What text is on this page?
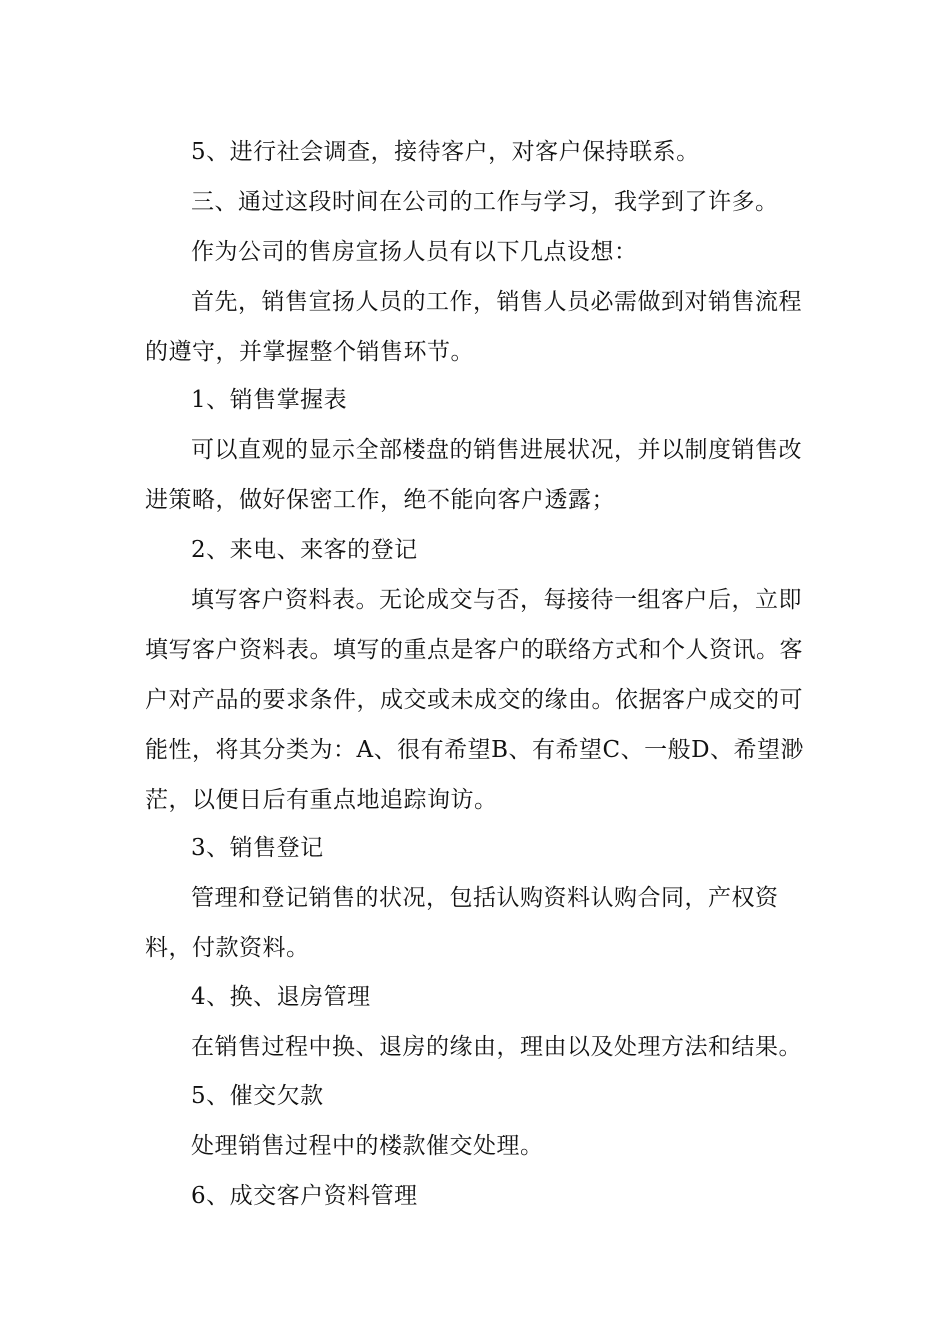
5、进行社会调查，接待客户，对客户保持联系。

三、通过这段时间在公司的工作与学习，我学到了许多。

作为公司的售房宣扬人员有以下几点设想：

首先，销售宣扬人员的工作，销售人员必需做到对销售流程的遵守，并掌握整个销售环节。

1、销售掌握表

可以直观的显示全部楼盘的销售进展状况，并以制度销售改进策略，做好保密工作，绝不能向客户透露；

2、来电、来客的登记

填写客户资料表。无论成交与否，每接待一组客户后，立即填写客户资料表。填写的重点是客户的联络方式和个人资讯。客户对产品的要求条件，成交或未成交的缘由。依据客户成交的可能性，将其分类为：A、很有希望B、有希望C、一般D、希望渺茫，以便日后有重点地追踪询访。

3、销售登记

管理和登记销售的状况，包括认购资料认购合同，产权资料，付款资料。

4、换、退房管理

在销售过程中换、退房的缘由，理由以及处理方法和结果。

5、催交欠款

处理销售过程中的楼款催交处理。

6、成交客户资料管理
